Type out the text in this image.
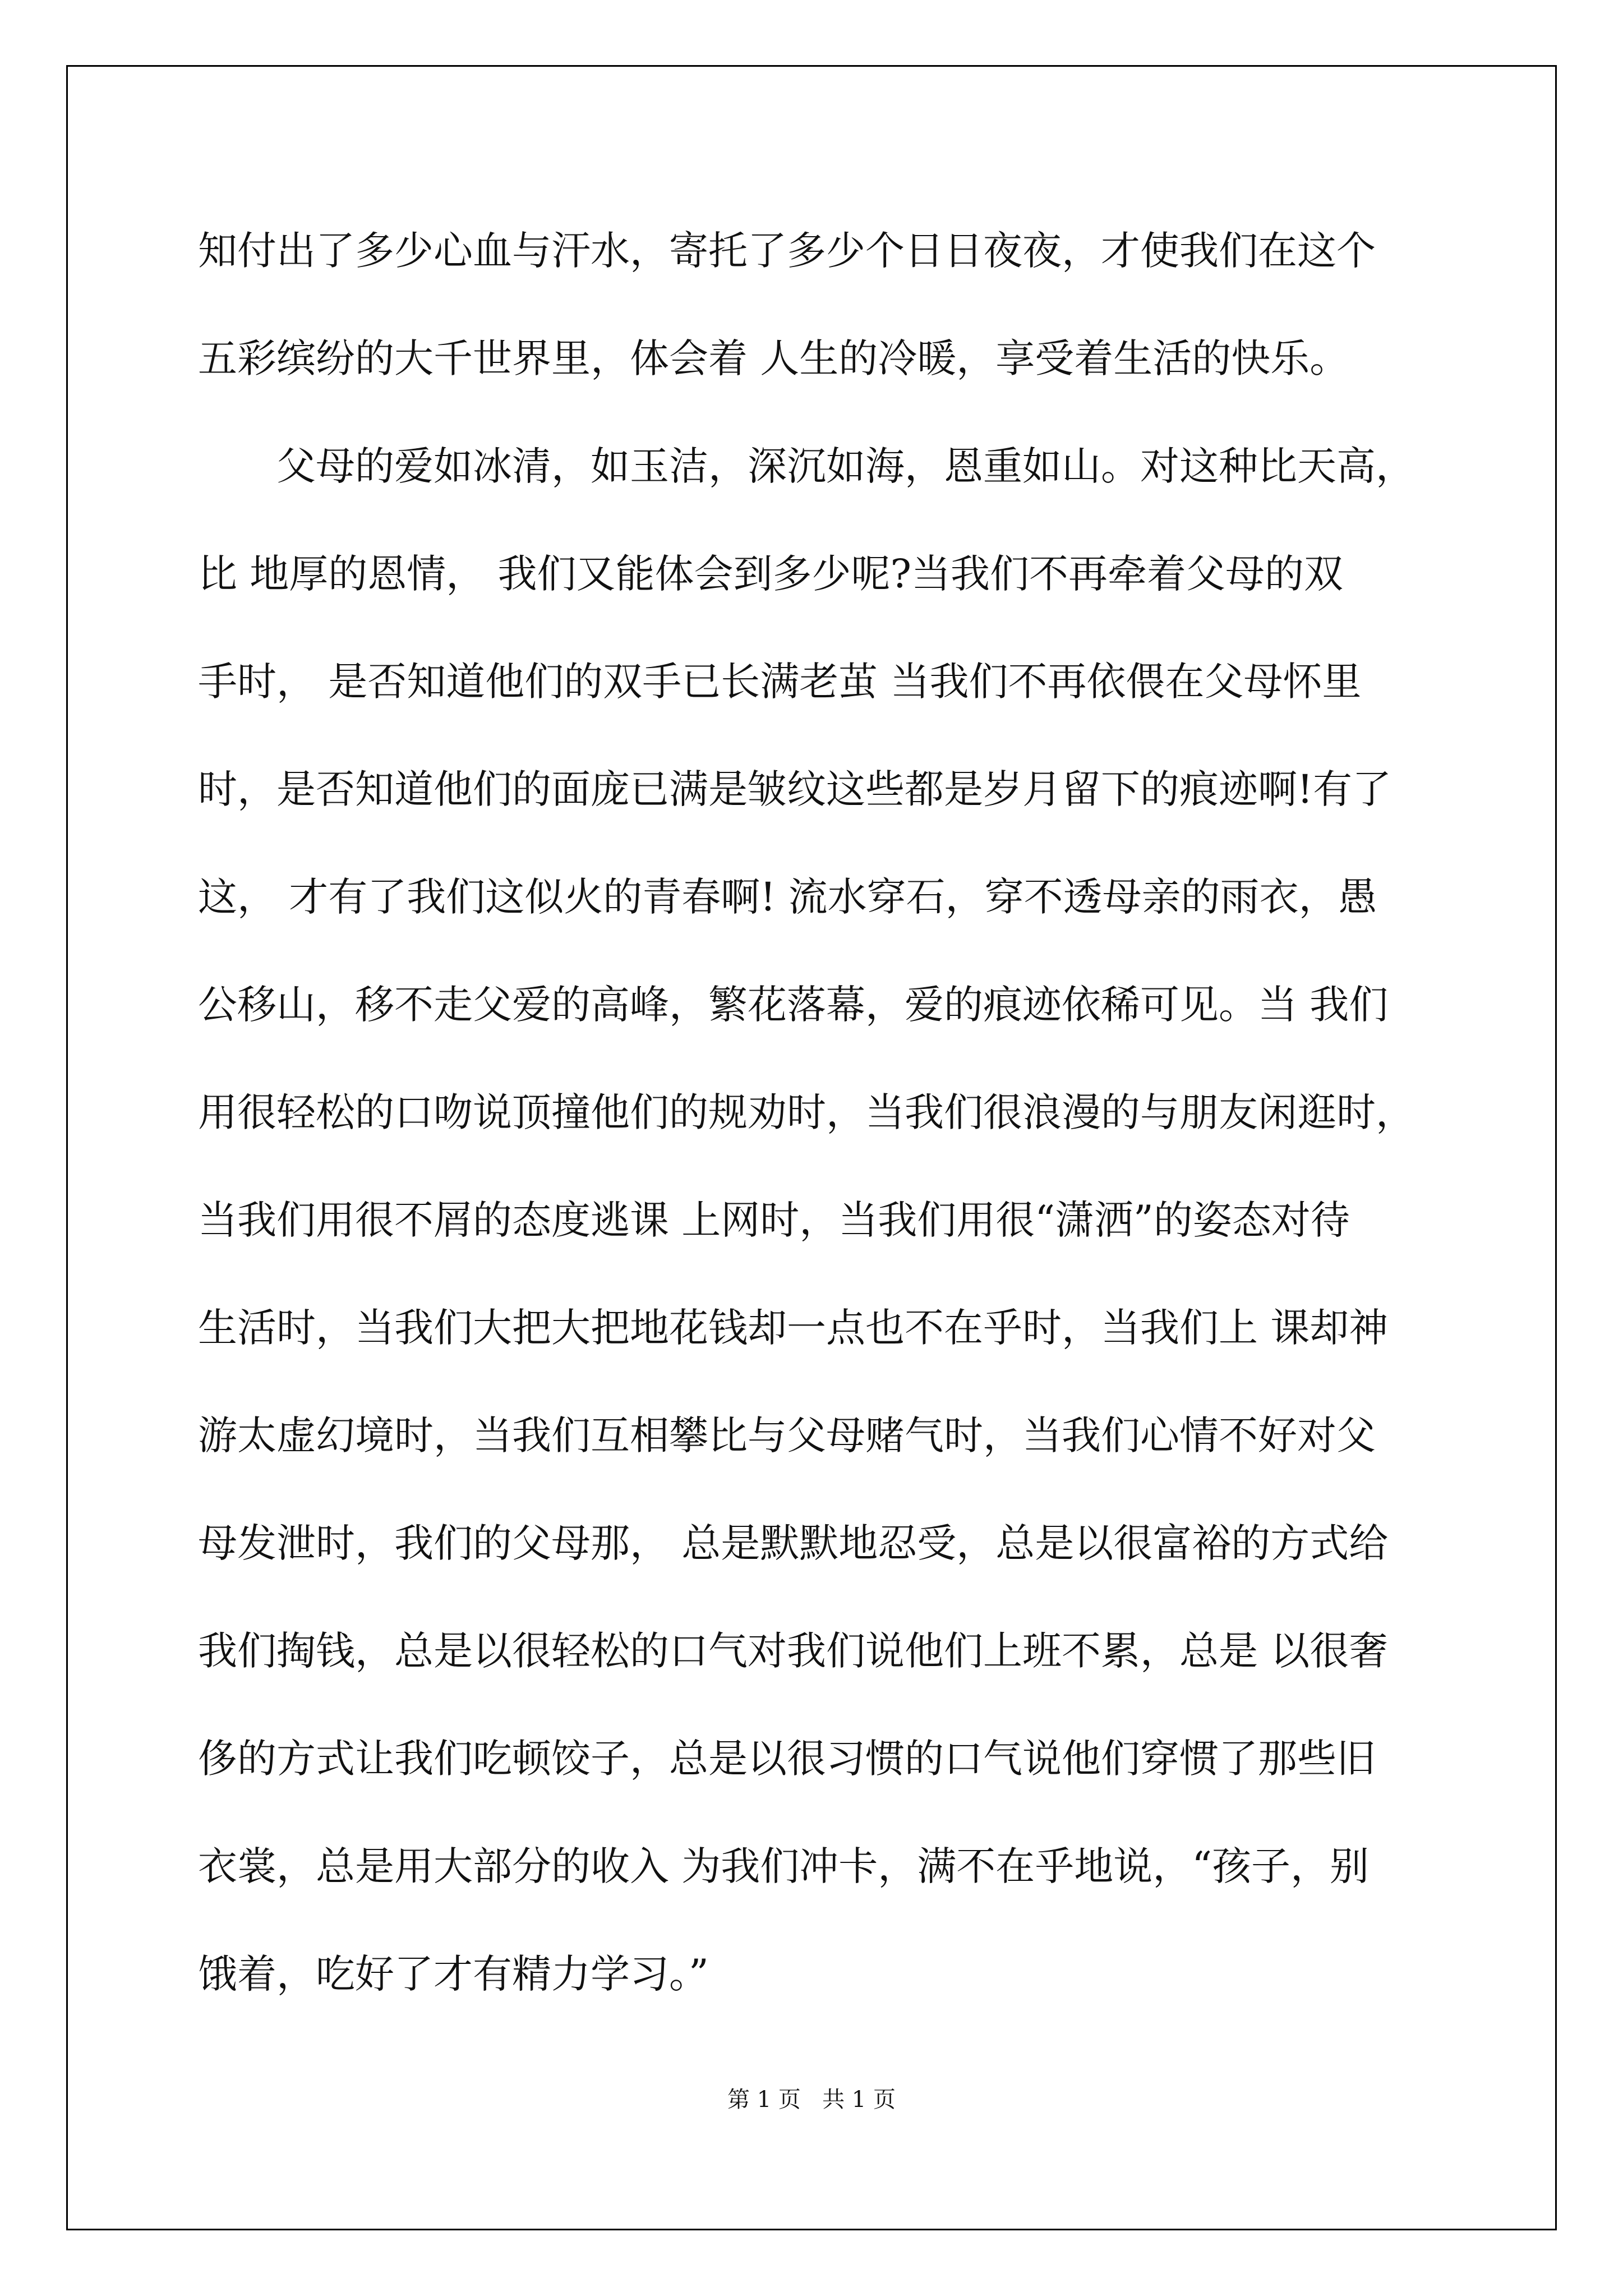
知付出了多少心血与汗水，寄托了多少个日日夜夜，才使我们在这个
五彩缤纷的大千世界里，体会着 人生的冷暖，享受着生活的快乐。
父母的爱如冰清，如玉洁，深沉如海，恩重如山。对这种比天高，
比 地厚的恩情， 我们又能体会到多少呢?当我们不再牵着父母的双
手时， 是否知道他们的双手已长满老茧 当我们不再依偎在父母怀里
时，是否知道他们的面庞已满是皱纹这些都是岁月留下的痕迹啊!有了
这， 才有了我们这似火的青春啊! 流水穿石，穿不透母亲的雨衣，愚
公移山，移不走父爱的高峰，繁花落幕，爱的痕迹依稀可见。当 我们
用很轻松的口吻说顶撞他们的规劝时，当我们很浪漫的与朋友闲逛时，
当我们用很不屑的态度逃课 上网时，当我们用很“潇洒”的姿态对待
生活时，当我们大把大把地花钱却一点也不在乎时，当我们上 课却神
游太虚幻境时，当我们互相攀比与父母赌气时，当我们心情不好对父
母发泄时，我们的父母那， 总是默默地忍受，总是以很富裕的方式给
我们掏钱，总是以很轻松的口气对我们说他们上班不累，总是 以很奢
侈的方式让我们吃顿饺子，总是以很习惯的口气说他们穿惯了那些旧
衣裳，总是用大部分的收入 为我们冲卡，满不在乎地说，“孩子，别
饿着，吃好了才有精力学习。”
第 1 页   共 1 页
